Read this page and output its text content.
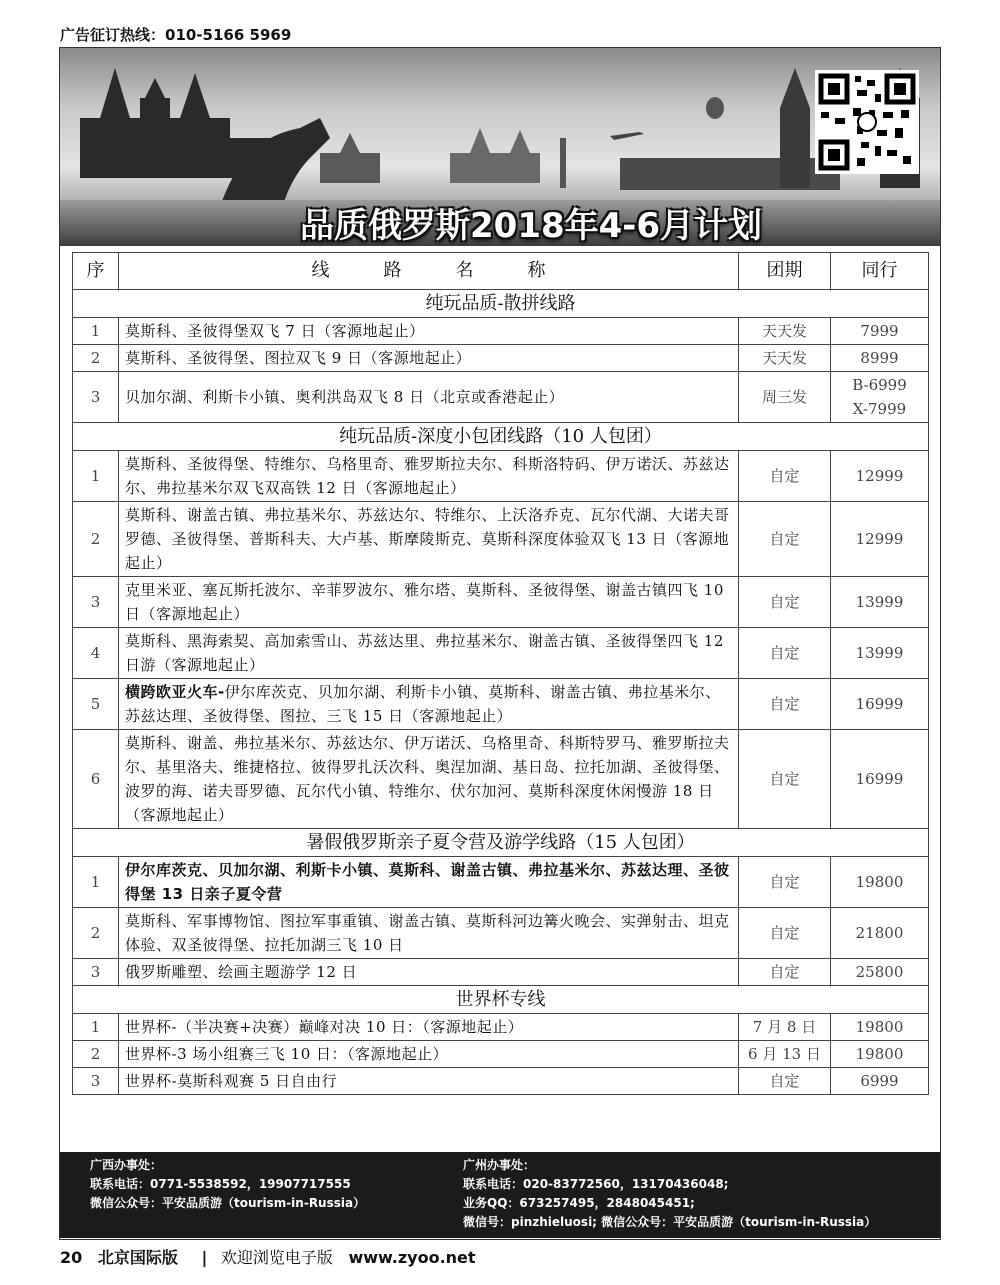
广告征订热线：010-5166 5969
品质俄罗斯2018年4-6月计划
序	线　　　路　　　名　　　称	团期	同行
纯玩品质-散拼线路			
1	莫斯科、圣彼得堡双飞 7 日（客源地起止）	天天发	7999
2	莫斯科、圣彼得堡、图拉双飞 9 日（客源地起止）	天天发	8999
3	贝加尔湖、利斯卡小镇、奥利洪岛双飞 8 日（北京或香港起止）	周三发	B-6999
X-7999
纯玩品质-深度小包团线路（10 人包团）			
1	莫斯科、圣彼得堡、特维尔、乌格里奇、雅罗斯拉夫尔、科斯洛特码、伊万诺沃、苏兹达尔、弗拉基米尔双飞双高铁 12 日（客源地起止）	自定	12999
2	莫斯科、谢盖古镇、弗拉基米尔、苏兹达尔、特维尔、上沃洛乔克、瓦尔代湖、大诺夫哥罗德、圣彼得堡、普斯科夫、大卢基、斯摩陵斯克、莫斯科深度体验双飞 13 日（客源地起止）	自定	12999
3	克里米亚、塞瓦斯托波尔、辛菲罗波尔、雅尔塔、莫斯科、圣彼得堡、谢盖古镇四飞 10 日（客源地起止）	自定	13999
4	莫斯科、黑海索契、高加索雪山、苏兹达里、弗拉基米尔、谢盖古镇、圣彼得堡四飞 12 日游（客源地起止）	自定	13999
5	横跨欧亚火车-伊尔库茨克、贝加尔湖、利斯卡小镇、莫斯科、谢盖古镇、弗拉基米尔、苏兹达理、圣彼得堡、图拉、三飞 15 日（客源地起止）	自定	16999
6	莫斯科、谢盖、弗拉基米尔、苏兹达尔、伊万诺沃、乌格里奇、科斯特罗马、雅罗斯拉夫尔、基里洛夫、维捷格拉、彼得罗扎沃次科、奥涅加湖、基日岛、拉托加湖、圣彼得堡、波罗的海、诺夫哥罗德、瓦尔代小镇、特维尔、伏尔加河、莫斯科深度休闲慢游 18 日（客源地起止）	自定	16999
暑假俄罗斯亲子夏令营及游学线路（15 人包团）			
1	伊尔库茨克、贝加尔湖、利斯卡小镇、莫斯科、谢盖古镇、弗拉基米尔、苏兹达理、圣彼得堡 13 日亲子夏令营	自定	19800
2	莫斯科、军事博物馆、图拉军事重镇、谢盖古镇、莫斯科河边篝火晚会、实弹射击、坦克体验、双圣彼得堡、拉托加湖三飞 10 日	自定	21800
3	俄罗斯雕塑、绘画主题游学 12 日	自定	25800
世界杯专线			
1	世界杯-（半决赛+决赛）巅峰对决 10 日：（客源地起止）	7 月 8 日	19800
2	世界杯-3 场小组赛三飞 10 日：（客源地起止）	6 月 13 日	19800
3	世界杯-莫斯科观赛 5 日自由行	自定	6999
广西办事处：
联系电话：0771-5538592，19907717555
微信公众号：平安品质游（tourism-in-Russia）
广州办事处：
联系电话：020-83772560，13170436048;
业务QQ：673257495，2848045451;
微信号：pinzhieluosi; 微信公众号：平安品质游（tourism-in-Russia）
20 北京国际版 | 欢迎浏览电子版 www.zyoo.net
